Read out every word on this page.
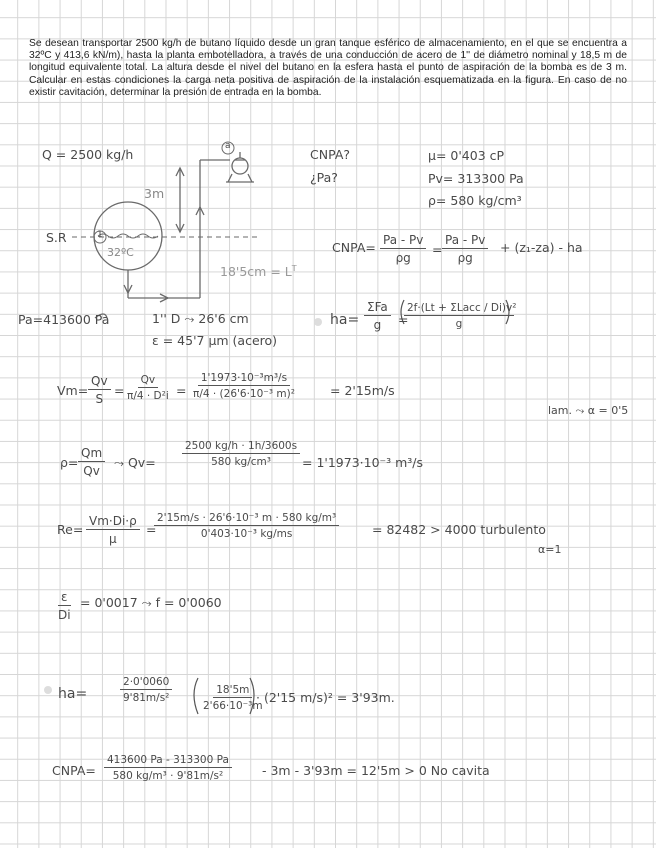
Se desean transportar 2500 kg/h de butano líquido desde un gran tanque esférico de almacenamiento, en el que se encuentra a 32ºC y 413,6 kN/m), hasta la planta embotelladora, a través de una conducción de acero de 1'' de diámetro nominal y 18,5 m de longitud equivalente total. La altura desde el nivel del butano en la esfera hasta el punto de aspiración de la bomba es de 3 m. Calcular en estas condiciones la carga neta positiva de aspiración de la instalación esquematizada en la figura. En caso de no existir cavitación, determinar la presión de entrada en la bomba.
Q = 2500 kg/h
3m
S.R
32ºC
$18'5cm = L^T$
1
a
Pa=413600 Pa	1'' D ⤳ 26'6 cm
ε = 45'7 μm (acero)
CNPA?
¿Pa?
μ= 0'403 cP
Pv= 313300 Pa
ρ= 580 kg/cm³
CNPA= $\frac{Pa - Pv}{\rho g} = \frac{Pa - Pv}{\rho g} + (z_1-za)$ - ha
ha=
ΣFa
g =
2f·(Lt + ΣLacc / Di)v²
g
$Vm= \frac{Qv}{S} = \frac{Qv}{\text{π/4 · D²i}} = \frac{\text{1'1973·10⁻³m³/s}}{\text{π/4 · (26'6·10⁻³ m)²}}$	= 2'15m/s
lam. ⤳ α = 0'5
$\rho= \frac{Qm}{Qv}$ ⤳ Qv=	$\frac{2500 kg/h \cdot 1h/3600s}{\text{580 kg/cm³}} = 1'1973\cdot 10^{-3}$ m³/s
$Re= \frac{Vm\cdot Di\cdot\rho}{\mu}$ =
$\frac{\text{2'15m/s · 26'6·10⁻³ m · 580 kg/m³}}{\text{0'403·10⁻³ kg/ms}}$	= 82482 > 4000 turbulento
α=1
$\frac{\varepsilon}{Di} = 0'0017$ ⤳ f = 0'0060
ha=	$\frac{2\cdot 0'0060}{\text{9'81m/s²}}$	$\frac{18'5m}{\text{2'66·10⁻³m}}$
· (2'15 m/s)² = 3'93m.
CNPA= $\frac{413600 Pa - 313300 Pa}{\text{580 kg/m³ · 9'81m/s²}} - 3m - 3'93m = 12'5m > 0$ No cavita
